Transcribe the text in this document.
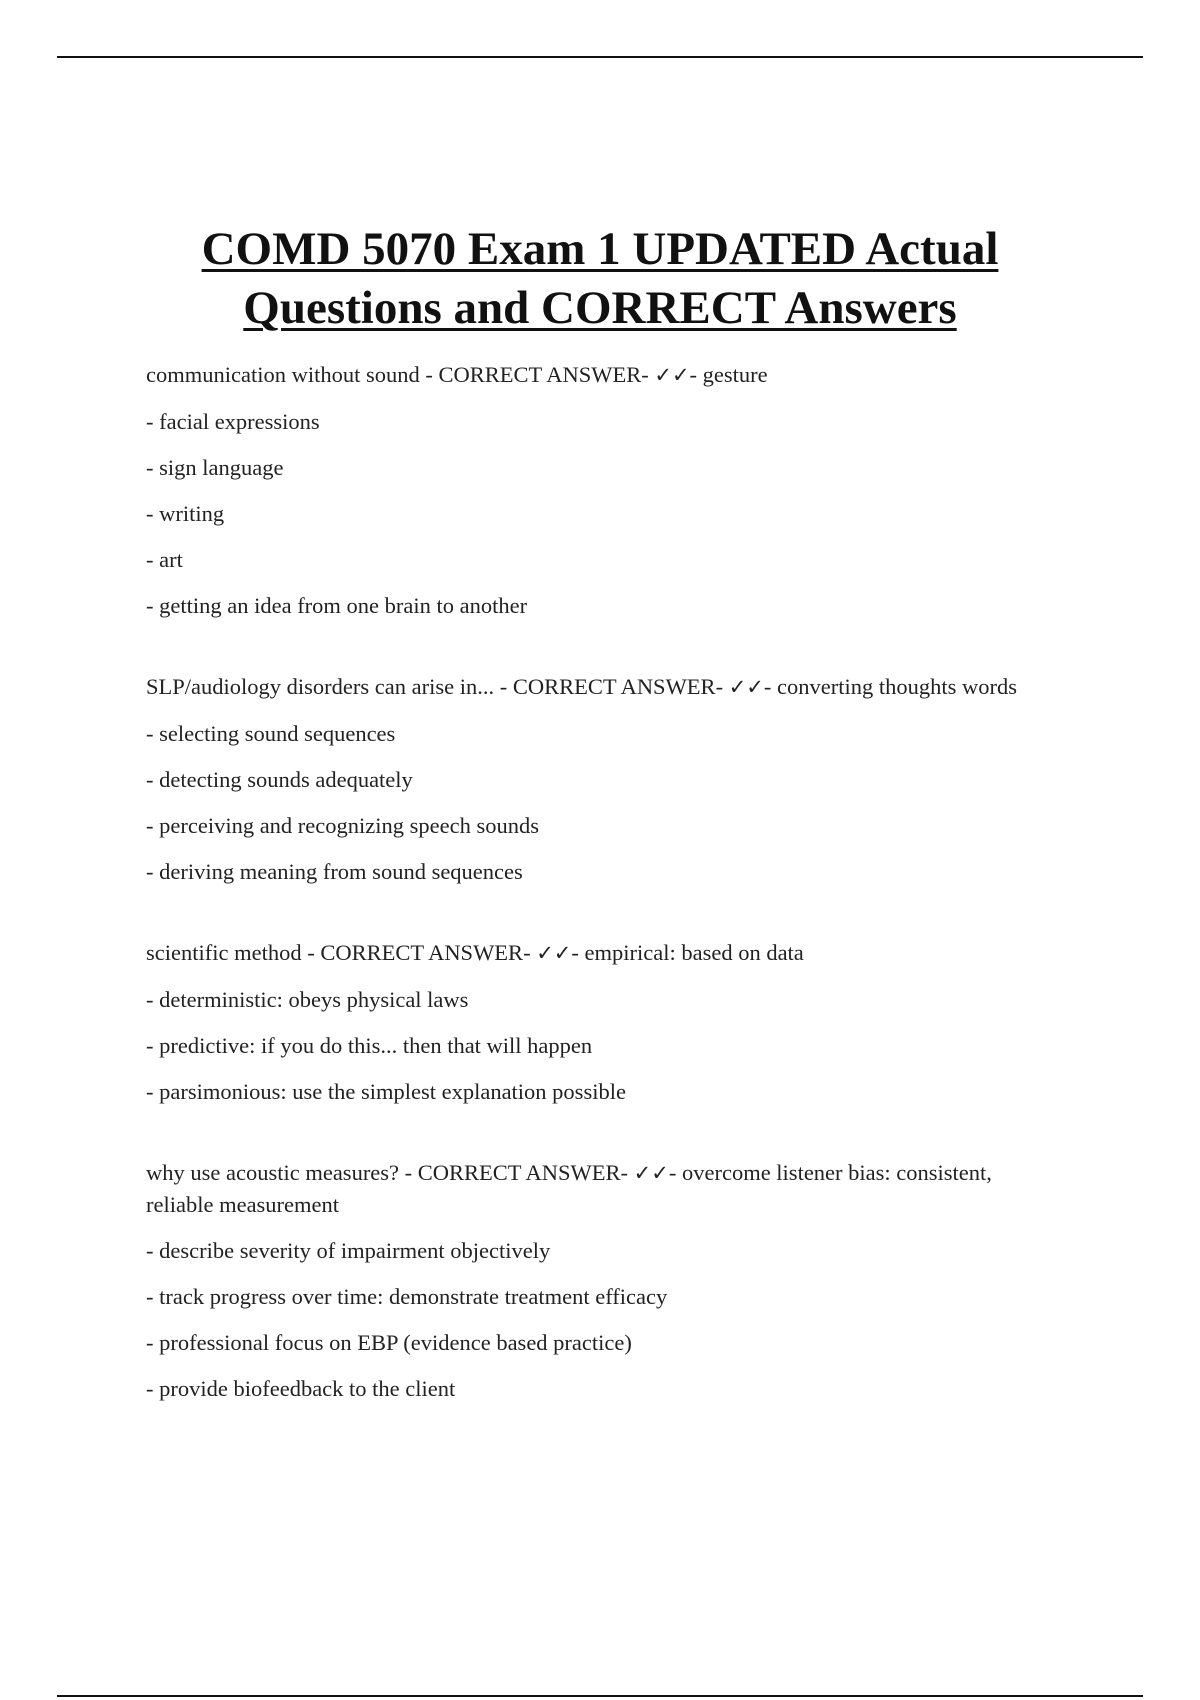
COMD 5070 Exam 1 UPDATED Actual
Questions and CORRECT Answers
communication without sound - CORRECT ANSWER- ✓✓- gesture
- facial expressions
- sign language
- writing
- art
- getting an idea from one brain to another
SLP/audiology disorders can arise in... - CORRECT ANSWER- ✓✓- converting thoughts words
- selecting sound sequences
- detecting sounds adequately
- perceiving and recognizing speech sounds
- deriving meaning from sound sequences
scientific method - CORRECT ANSWER- ✓✓- empirical: based on data
- deterministic: obeys physical laws
- predictive: if you do this... then that will happen
- parsimonious: use the simplest explanation possible
why use acoustic measures? - CORRECT ANSWER- ✓✓- overcome listener bias: consistent, reliable measurement
- describe severity of impairment objectively
- track progress over time: demonstrate treatment efficacy
- professional focus on EBP (evidence based practice)
- provide biofeedback to the client
